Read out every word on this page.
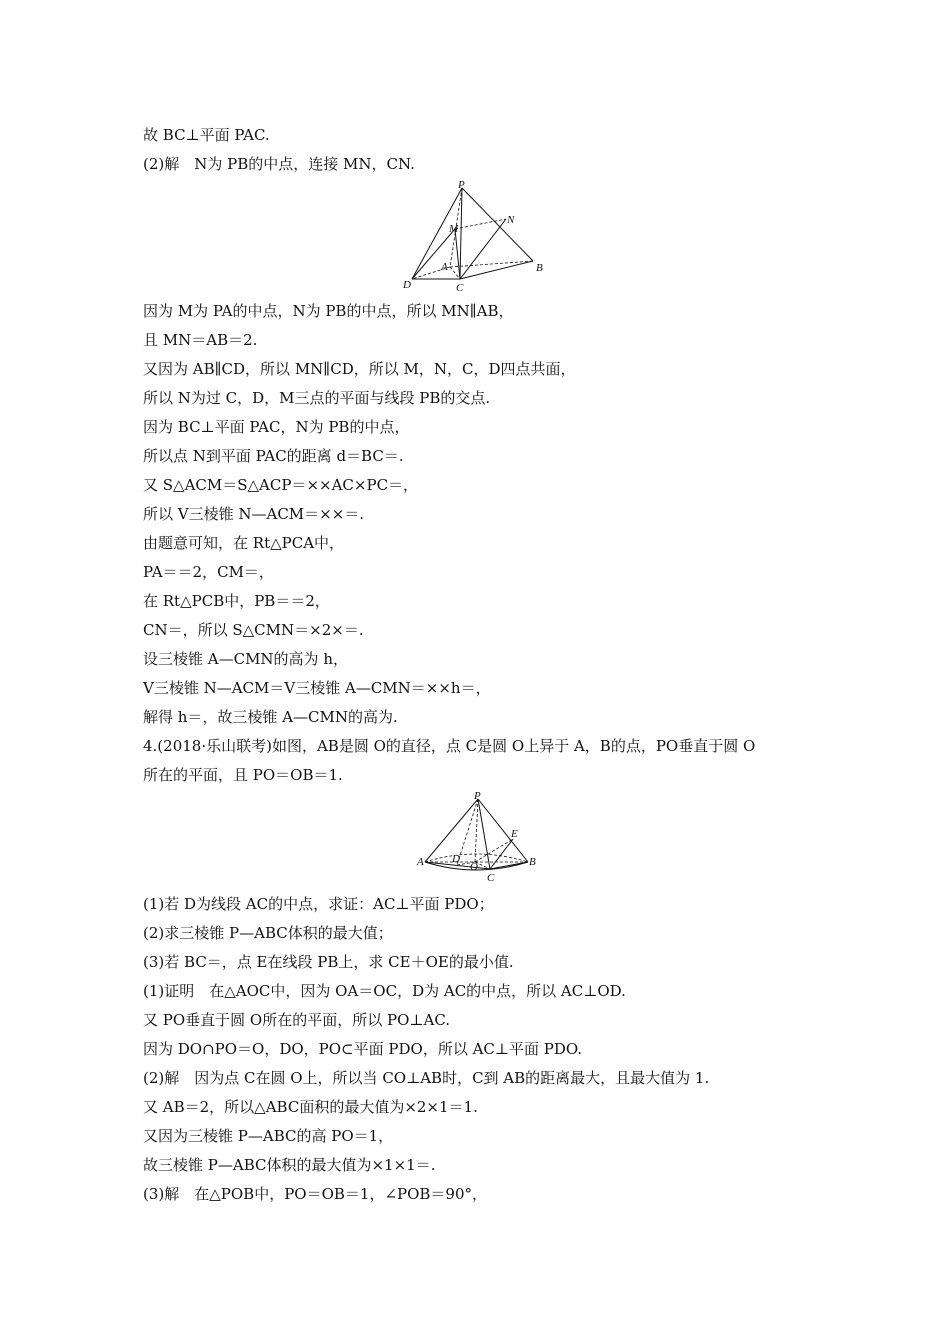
故 BC⊥平面 PAC.
(2)解　N为 PB的中点，连接 MN，CN.
P
N
M
A	B
C
D
因为 M为 PA的中点，N为 PB的中点，所以 MN∥AB，
且 MN＝AB＝2.
又因为 AB∥CD，所以 MN∥CD，所以 M，N，C，D四点共面，
所以 N为过 C，D，M三点的平面与线段 PB的交点.
因为 BC⊥平面 PAC，N为 PB的中点，
所以点 N到平面 PAC的距离 d＝BC＝.
又 S△ACM＝S△ACP＝××AC×PC＝，
所以 V三棱锥 N—ACM＝××＝.
由题意可知，在 Rt△PCA中，
PA＝＝2，CM＝，
在 Rt△PCB中，PB＝＝2，
CN＝，所以 S△CMN＝×2×＝.
设三棱锥 A—CMN的高为 h，
V三棱锥 N—ACM＝V三棱锥 A—CMN＝××h＝，
解得 h＝，故三棱锥 A—CMN的高为.
4.(2018·乐山联考)如图，AB是圆 O的直径，点 C是圆 O上异于 A，B的点，PO垂直于圆 O
所在的平面，且 PO＝OB＝1.
P
E
A	D
O	B
C
(1)若 D为线段 AC的中点，求证：AC⊥平面 PDO；
(2)求三棱锥 P—ABC体积的最大值；
(3)若 BC＝，点 E在线段 PB上，求 CE＋OE的最小值.
(1)证明　在△AOC中，因为 OA＝OC，D为 AC的中点，所以 AC⊥OD.
又 PO垂直于圆 O所在的平面，所以 PO⊥AC.
因为 DO∩PO＝O，DO，PO⊂平面 PDO，所以 AC⊥平面 PDO.
(2)解　因为点 C在圆 O上，所以当 CO⊥AB时，C到 AB的距离最大，且最大值为 1.
又 AB＝2，所以△ABC面积的最大值为×2×1＝1.
又因为三棱锥 P—ABC的高 PO＝1，
故三棱锥 P—ABC体积的最大值为×1×1＝.
(3)解　在△POB中，PO＝OB＝1，∠POB＝90°，
